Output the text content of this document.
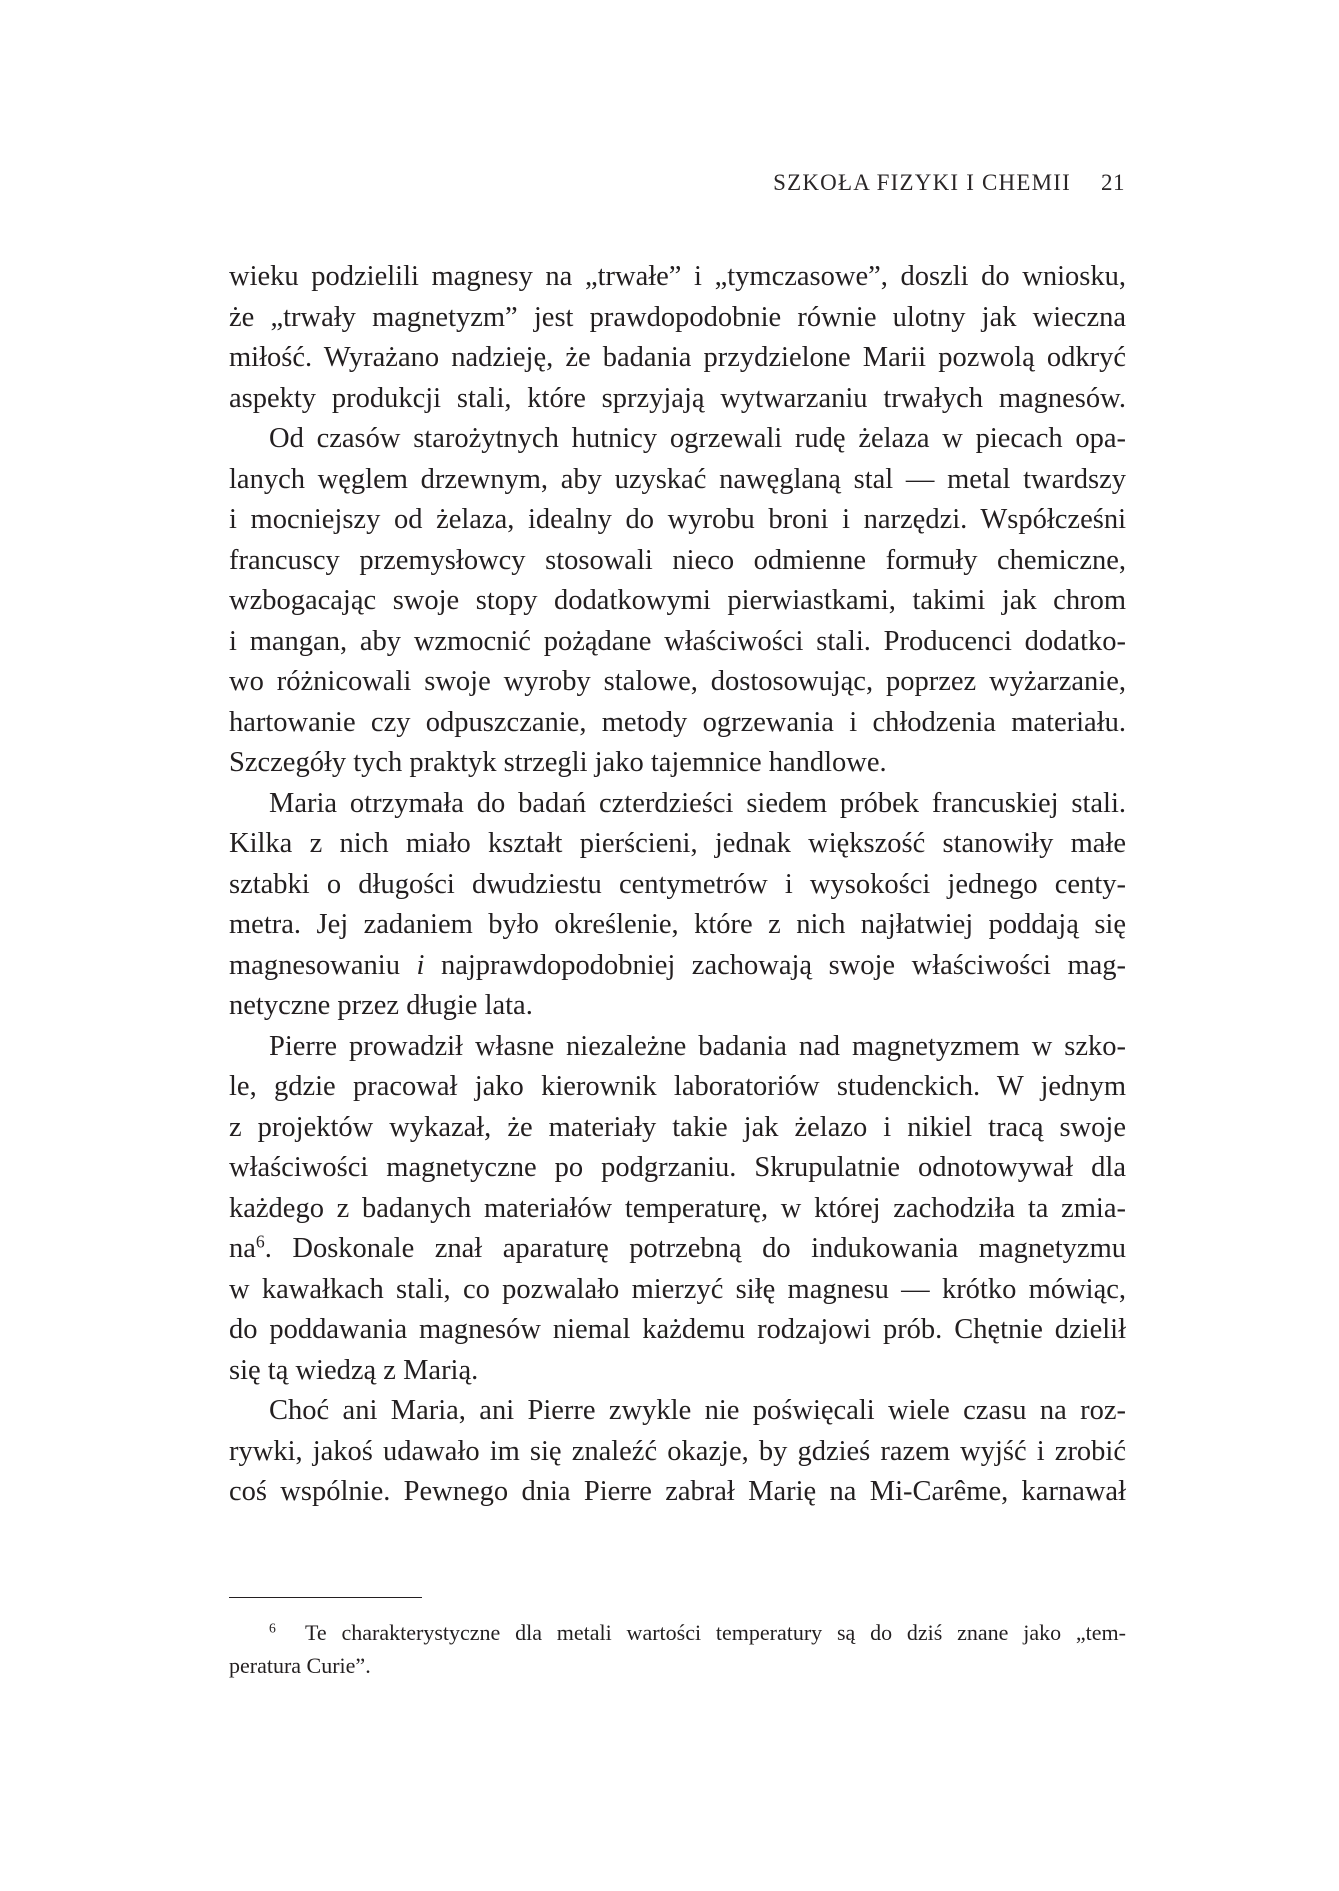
SZKOŁA FIZYKI I CHEMII 21
wieku podzielili magnesy na „trwałe” i „tymczasowe”, doszli do wniosku,
że „trwały magnetyzm” jest prawdopodobnie równie ulotny jak wieczna
miłość. Wyrażano nadzieję, że badania przydzielone Marii pozwolą odkryć
aspekty produkcji stali, które sprzyjają wytwarzaniu trwałych magnesów.
Od czasów starożytnych hutnicy ogrzewali rudę żelaza w piecach opa-
lanych węglem drzewnym, aby uzyskać nawęglaną stal — metal twardszy
i mocniejszy od żelaza, idealny do wyrobu broni i narzędzi. Współcześni
francuscy przemysłowcy stosowali nieco odmienne formuły chemiczne,
wzbogacając swoje stopy dodatkowymi pierwiastkami, takimi jak chrom
i mangan, aby wzmocnić pożądane właściwości stali. Producenci dodatko-
wo różnicowali swoje wyroby stalowe, dostosowując, poprzez wyżarzanie,
hartowanie czy odpuszczanie, metody ogrzewania i chłodzenia materiału.
Szczegóły tych praktyk strzegli jako tajemnice handlowe.
Maria otrzymała do badań czterdzieści siedem próbek francuskiej stali.
Kilka z nich miało kształt pierścieni, jednak większość stanowiły małe
sztabki o długości dwudziestu centymetrów i wysokości jednego centy-
metra. Jej zadaniem było określenie, które z nich najłatwiej poddają się
magnesowaniu i najprawdopodobniej zachowają swoje właściwości mag-
netyczne przez długie lata.
Pierre prowadził własne niezależne badania nad magnetyzmem w szko-
le, gdzie pracował jako kierownik laboratoriów studenckich. W jednym
z projektów wykazał, że materiały takie jak żelazo i nikiel tracą swoje
właściwości magnetyczne po podgrzaniu. Skrupulatnie odnotowywał dla
każdego z badanych materiałów temperaturę, w której zachodziła ta zmia-
$na^6$. Doskonale znał aparaturę potrzebną do indukowania magnetyzmu
w kawałkach stali, co pozwalało mierzyć siłę magnesu — krótko mówiąc,
do poddawania magnesów niemal każdemu rodzajowi prób. Chętnie dzielił
się tą wiedzą z Marią.
Choć ani Maria, ani Pierre zwykle nie poświęcali wiele czasu na roz-
rywki, jakoś udawało im się znaleźć okazje, by gdzieś razem wyjść i zrobić
coś wspólnie. Pewnego dnia Pierre zabrał Marię na Mi-Carême, karnawał
$^6$ Te charakterystyczne dla metali wartości temperatury są do dziś znane jako „tem-
peratura Curie”.
